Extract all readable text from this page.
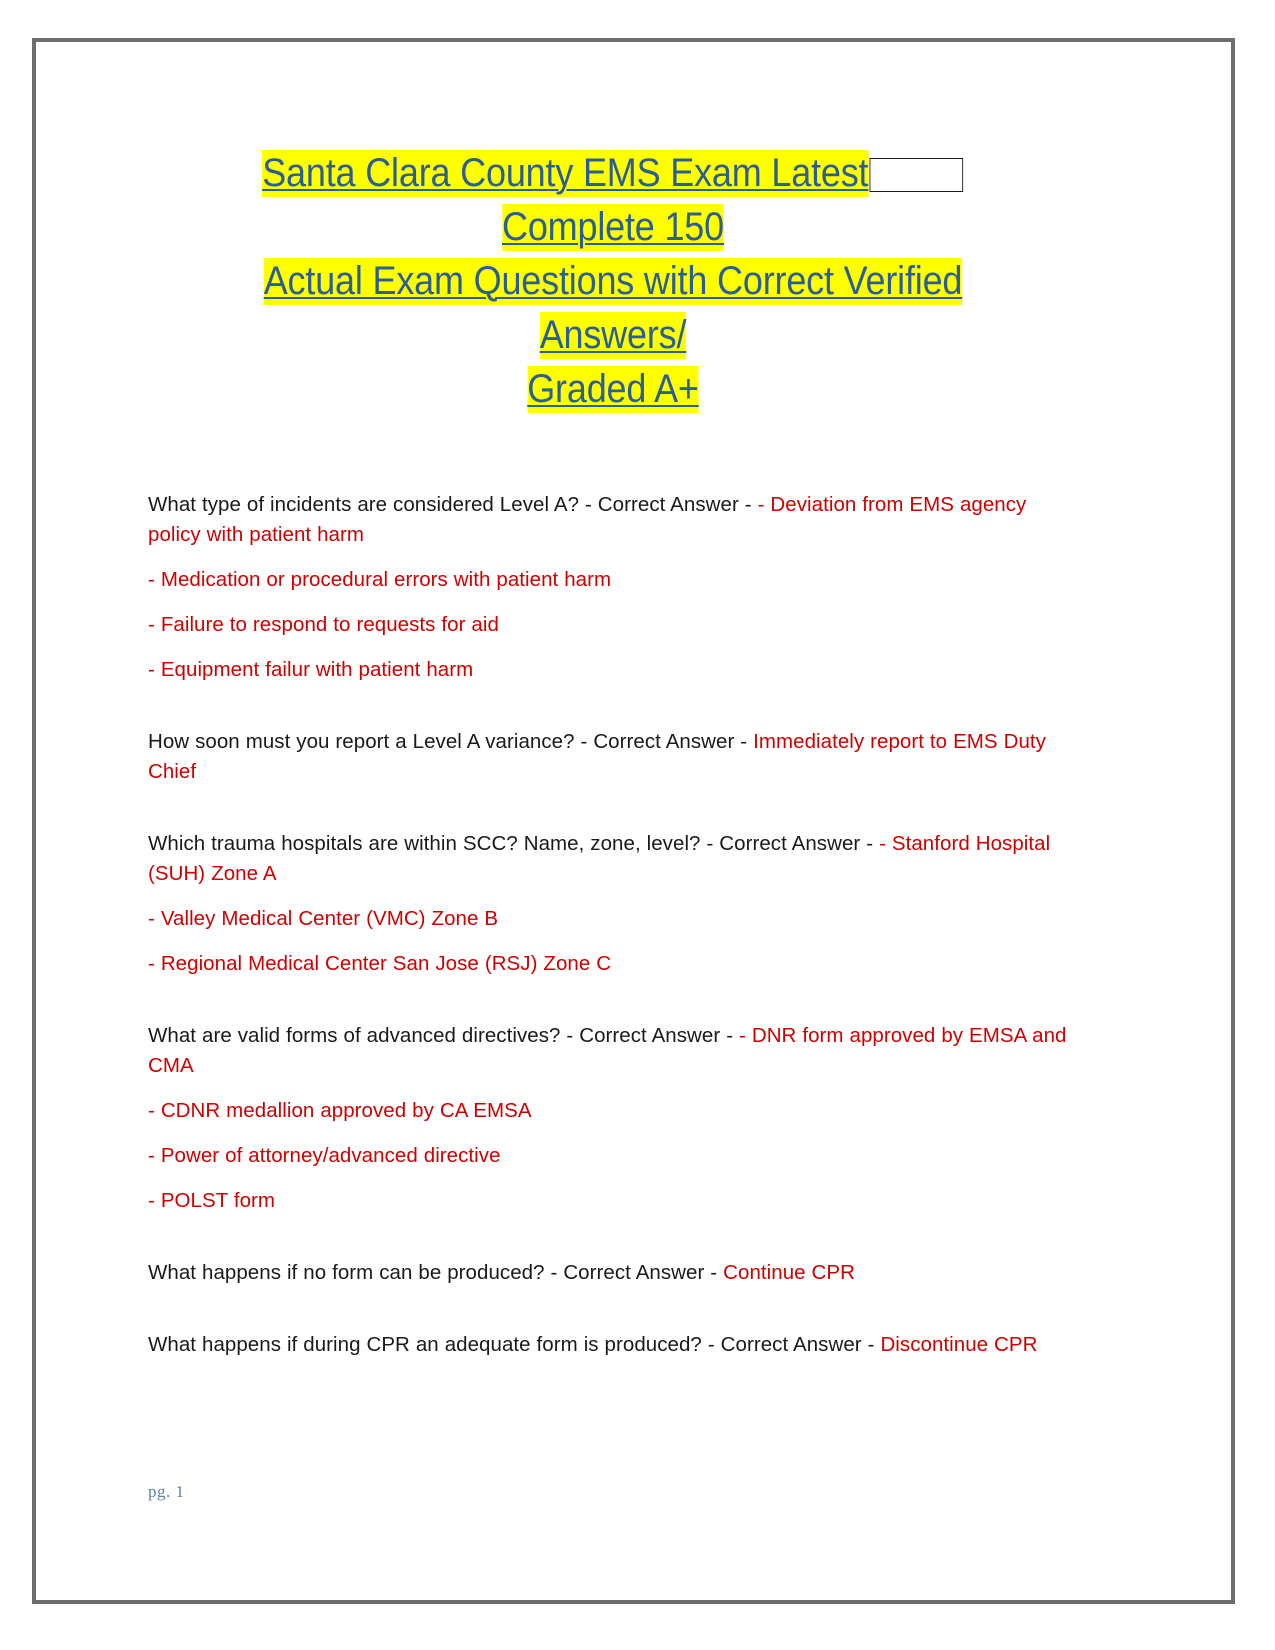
Santa Clara County EMS Exam LatestComplete 150
Actual Exam Questions with Correct Verified Answers/
Graded A+

What type of incidents are considered Level A? - Correct Answer - - Deviation from EMS agency policy with patient harm

- Medication or procedural errors with patient harm

- Failure to respond to requests for aid

- Equipment failur with patient harm

How soon must you report a Level A variance? - Correct Answer - Immediately report to EMS Duty Chief

Which trauma hospitals are within SCC? Name, zone, level? - Correct Answer - - Stanford Hospital (SUH) Zone A

- Valley Medical Center (VMC) Zone B

- Regional Medical Center San Jose (RSJ) Zone C

What are valid forms of advanced directives? - Correct Answer - - DNR form approved by EMSA and CMA

- CDNR medallion approved by CA EMSA

- Power of attorney/advanced directive

- POLST form

What happens if no form can be produced? - Correct Answer - Continue CPR

What happens if during CPR an adequate form is produced? - Correct Answer - Discontinue CPR

pg. 1
